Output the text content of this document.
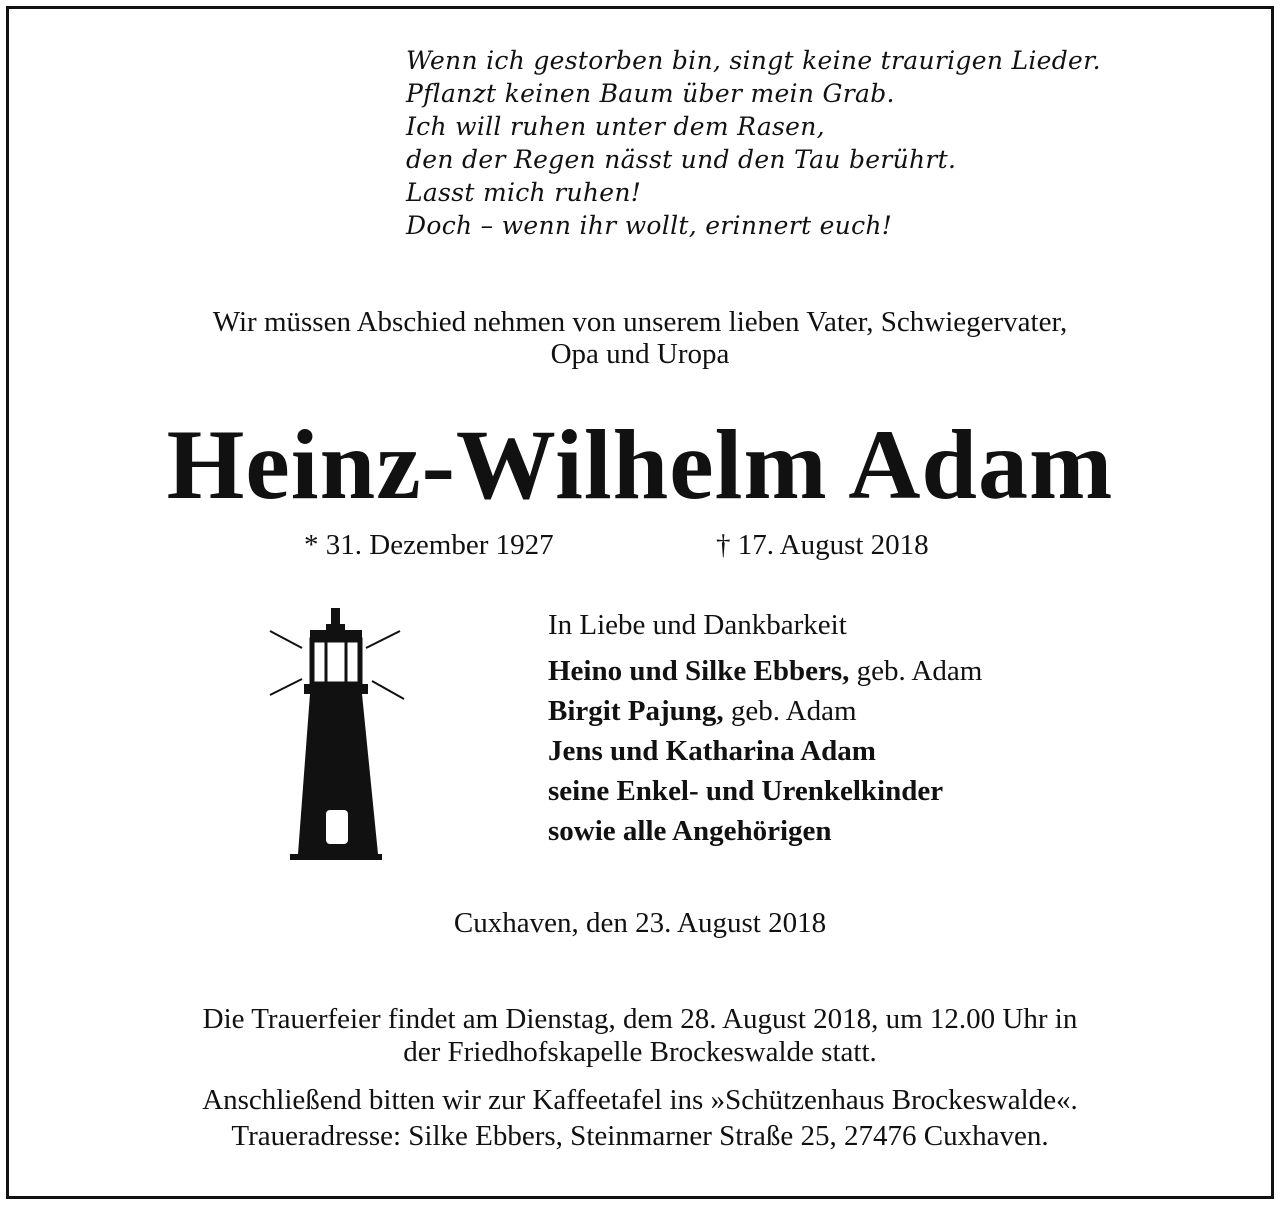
Wenn ich gestorben bin, singt keine traurigen Lieder.
Pflanzt keinen Baum über mein Grab.
Ich will ruhen unter dem Rasen,
den der Regen nässt und den Tau berührt.
Lasst mich ruhen!
Doch – wenn ihr wollt, erinnert euch!
Wir müssen Abschied nehmen von unserem lieben Vater, Schwiegervater,
Opa und Uropa
Heinz-Wilhelm Adam
* 31. Dezember 1927	† 17. August 2018
In Liebe und Dankbarkeit
Heino und Silke Ebbers, geb. Adam
Birgit Pajung, geb. Adam
Jens und Katharina Adam
seine Enkel- und Urenkelkinder
sowie alle Angehörigen
Cuxhaven, den 23. August 2018
Die Trauerfeier findet am Dienstag, dem 28. August 2018, um 12.00 Uhr in
der Friedhofskapelle Brockeswalde statt.
Anschließend bitten wir zur Kaffeetafel ins »Schützenhaus Brockeswalde«.
Traueradresse: Silke Ebbers, Steinmarner Straße 25, 27476 Cuxhaven.
